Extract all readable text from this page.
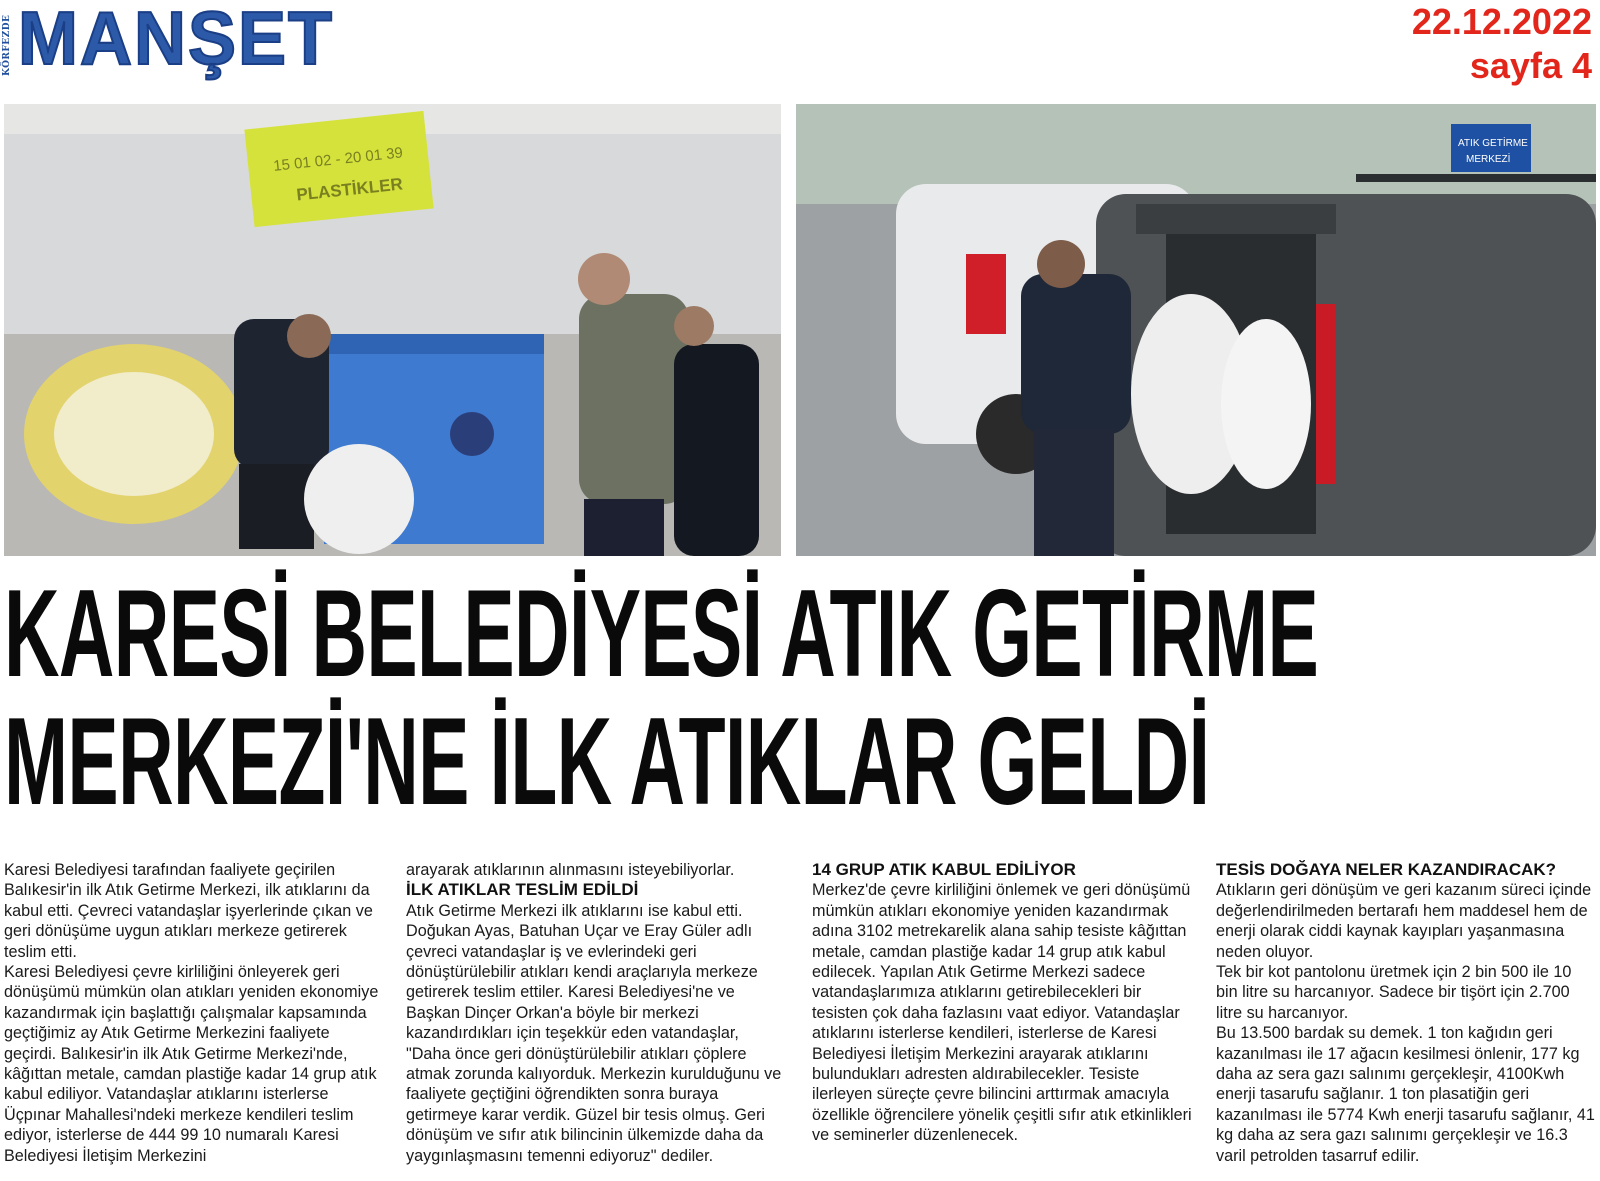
KÖRFEZDE MANŞET	22.12.2022
sayfa 4
15 01 02 - 20 01 39
PLASTİKLER
ATIK GETİRME
MERKEZİ
KARESİ BELEDİYESİ ATIK GETİRME
MERKEZİ'NE İLK ATIKLAR GELDİ

Karesi Belediyesi tarafından faaliyete geçirilen Balıkesir'in ilk Atık Getirme Merkezi, ilk atıklarını da kabul etti. Çevreci vatandaşlar işyerlerinde çıkan ve geri dönüşüme uygun atıkları merkeze getirerek teslim etti.

Karesi Belediyesi çevre kirliliğini önleyerek geri dönüşümü mümkün olan atıkları yeniden ekonomiye kazandırmak için başlattığı çalışmalar kapsamında geçtiğimiz ay Atık Getirme Merkezini faaliyete geçirdi. Balıkesir'in ilk Atık Getirme Merkezi'nde, kâğıttan metale, camdan plastiğe kadar 14 grup atık kabul ediliyor. Vatandaşlar atıklarını isterlerse Üçpınar Mahallesi'ndeki merkeze kendileri teslim ediyor, isterlerse de 444 99 10 numaralı Karesi Belediyesi İletişim Merkezini

arayarak atıklarının alınmasını isteyebiliyorlar.

İLK ATIKLAR TESLİM EDİLDİ

Atık Getirme Merkezi ilk atıklarını ise kabul etti. Doğukan Ayas, Batuhan Uçar ve Eray Güler adlı çevreci vatandaşlar iş ve evlerindeki geri dönüştürülebilir atıkları kendi araçlarıyla merkeze getirerek teslim ettiler. Karesi Belediyesi'ne ve Başkan Dinçer Orkan'a böyle bir merkezi kazandırdıkları için teşekkür eden vatandaşlar, "Daha önce geri dönüştürülebilir atıkları çöplere atmak zorunda kalıyorduk. Merkezin kurulduğunu ve faaliyete geçtiğini öğrendikten sonra buraya getirmeye karar verdik. Güzel bir tesis olmuş. Geri dönüşüm ve sıfır atık bilincinin ülkemizde daha da yaygınlaşmasını temenni ediyoruz" dediler.

14 GRUP ATIK KABUL EDİLİYOR

Merkez'de çevre kirliliğini önlemek ve geri dönüşümü mümkün atıkları ekonomiye yeniden kazandırmak adına 3102 metrekarelik alana sahip tesiste kâğıttan metale, camdan plastiğe kadar 14 grup atık kabul edilecek. Yapılan Atık Getirme Merkezi sadece vatandaşlarımıza atıklarını getirebilecekleri bir tesisten çok daha fazlasını vaat ediyor. Vatandaşlar atıklarını isterlerse kendileri, isterlerse de Karesi Belediyesi İletişim Merkezini arayarak atıklarını bulundukları adresten aldırabilecekler. Tesiste ilerleyen süreçte çevre bilincini arttırmak amacıyla özellikle öğrencilere yönelik çeşitli sıfır atık etkinlikleri ve seminerler düzenlenecek.

TESİS DOĞAYA NELER KAZANDIRACAK?

Atıkların geri dönüşüm ve geri kazanım süreci içinde değerlendirilmeden bertarafı hem maddesel hem de enerji olarak ciddi kaynak kayıpları yaşanmasına neden oluyor.

Tek bir kot pantolonu üretmek için 2 bin 500 ile 10 bin litre su harcanıyor. Sadece bir tişört için 2.700 litre su harcanıyor.

Bu 13.500 bardak su demek. 1 ton kağıdın geri kazanılması ile 17 ağacın kesilmesi önlenir, 177 kg daha az sera gazı salınımı gerçekleşir, 4100Kwh enerji tasarufu sağlanır. 1 ton plasatiğin geri kazanılması ile 5774 Kwh enerji tasarufu sağlanır, 41 kg daha az sera gazı salınımı gerçekleşir ve 16.3 varil petrolden tasarruf edilir.
